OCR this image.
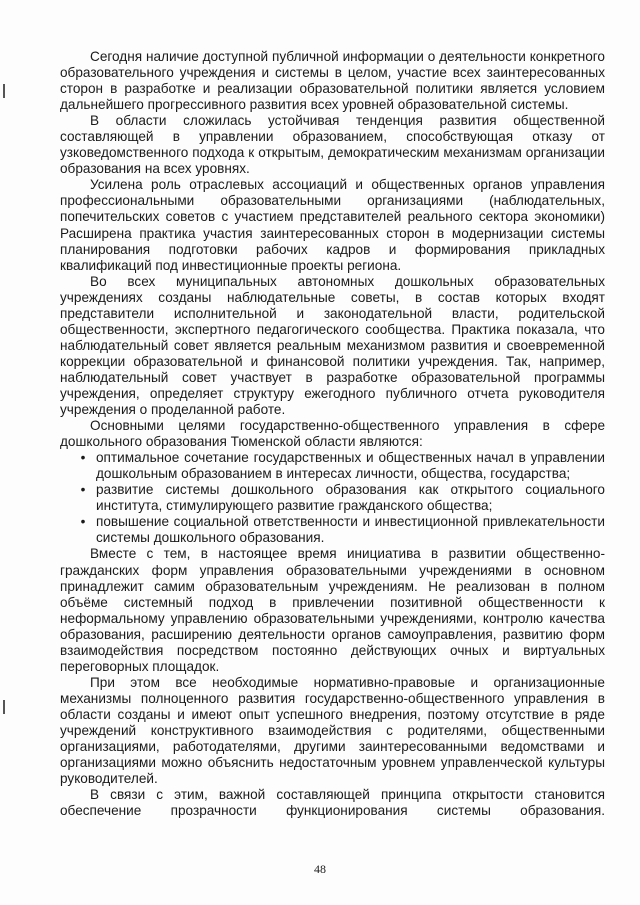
Сегодня наличие доступной публичной информации о деятельности конкретного образовательного учреждения и системы в целом, участие всех заинтересованных сторон в разработке и реализации образовательной политики является условием дальнейшего прогрессивного развития всех уровней образовательной системы.

В области сложилась устойчивая тенденция развития общественной составляющей в управлении образованием, способствующая отказу от узковедомственного подхода к открытым, демократическим механизмам организации образования на всех уровнях.

Усилена роль отраслевых ассоциаций и общественных органов управления профессиональными образовательными организациями (наблюдательных, попечительских советов с участием представителей реального сектора экономики) Расширена практика участия заинтересованных сторон в модернизации системы планирования подготовки рабочих кадров и формирования прикладных квалификаций под инвестиционные проекты региона.

Во всех муниципальных автономных дошкольных образовательных учреждениях созданы наблюдательные советы, в состав которых входят представители исполнительной и законодательной власти, родительской общественности, экспертного педагогического сообщества. Практика показала, что наблюдательный совет является реальным механизмом развития и своевременной коррекции образовательной и финансовой политики учреждения. Так, например, наблюдательный совет участвует в разработке образовательной программы учреждения, определяет структуру ежегодного публичного отчета руководителя учреждения о проделанной работе.

Основными целями государственно-общественного управления в сфере дошкольного образования Тюменской области являются:

• оптимальное сочетание государственных и общественных начал в управлении дошкольным образованием в интересах личности, общества, государства;
• развитие системы дошкольного образования как открытого социального института, стимулирующего развитие гражданского общества;
• повышение социальной ответственности и инвестиционной привлекательности системы дошкольного образования.

Вместе с тем, в настоящее время инициатива в развитии общественно-гражданских форм управления образовательными учреждениями в основном принадлежит самим образовательным учреждениям. Не реализован в полном объёме системный подход в привлечении позитивной общественности к неформальному управлению образовательными учреждениями, контролю качества образования, расширению деятельности органов самоуправления, развитию форм взаимодействия посредством постоянно действующих очных и виртуальных переговорных площадок.

При этом все необходимые нормативно-правовые и организационные механизмы полноценного развития государственно-общественного управления в области созданы и имеют опыт успешного внедрения, поэтому отсутствие в ряде учреждений конструктивного взаимодействия с родителями, общественными организациями, работодателями, другими заинтересованными ведомствами и организациями можно объяснить недостаточным уровнем управленческой культуры руководителей.

В связи с этим, важной составляющей принципа открытости становится обеспечение прозрачности функционирования системы образования.

48
